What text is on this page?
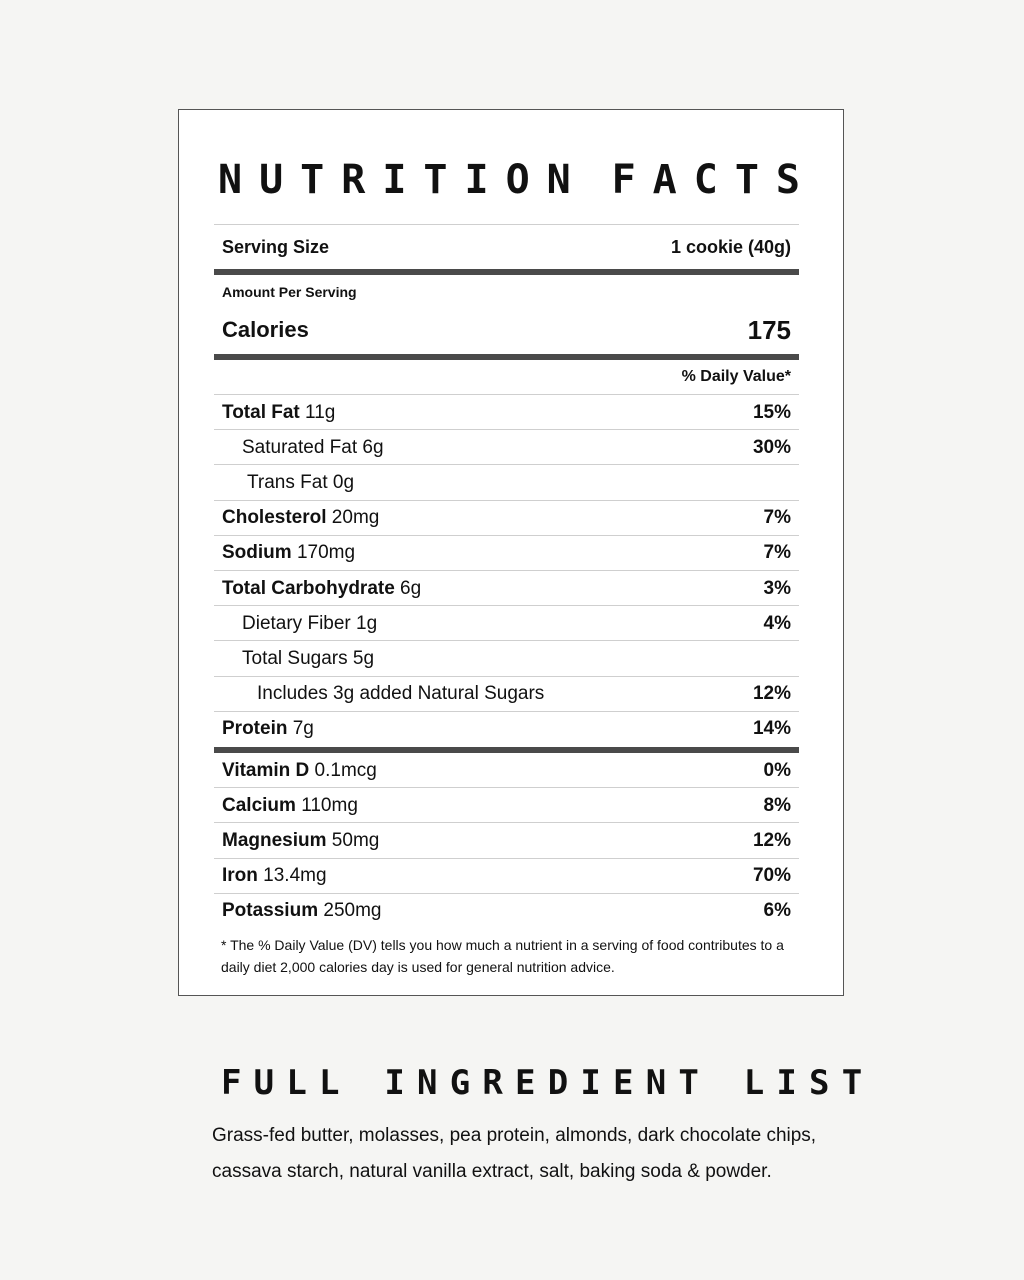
NUTRITION FACTS
Serving Size	1 cookie (40g)
Amount Per Serving
Calories	175
% Daily Value*
Total Fat 11g	15%
Saturated Fat 6g	30%
Trans Fat 0g
Cholesterol 20mg	7%
Sodium 170mg	7%
Total Carbohydrate 6g	3%
Dietary Fiber 1g	4%
Total Sugars 5g
Includes 3g added Natural Sugars	12%
Protein 7g	14%
Vitamin D 0.1mcg	0%
Calcium 110mg	8%
Magnesium 50mg	12%
Iron 13.4mg	70%
Potassium 250mg	6%
* The % Daily Value (DV) tells you how much a nutrient in a serving of food contributes to a daily diet 2,000 calories day is used for general nutrition advice.
FULL INGREDIENT LIST
Grass-fed butter, molasses, pea protein, almonds, dark chocolate chips, cassava starch, natural vanilla extract, salt, baking soda & powder.
